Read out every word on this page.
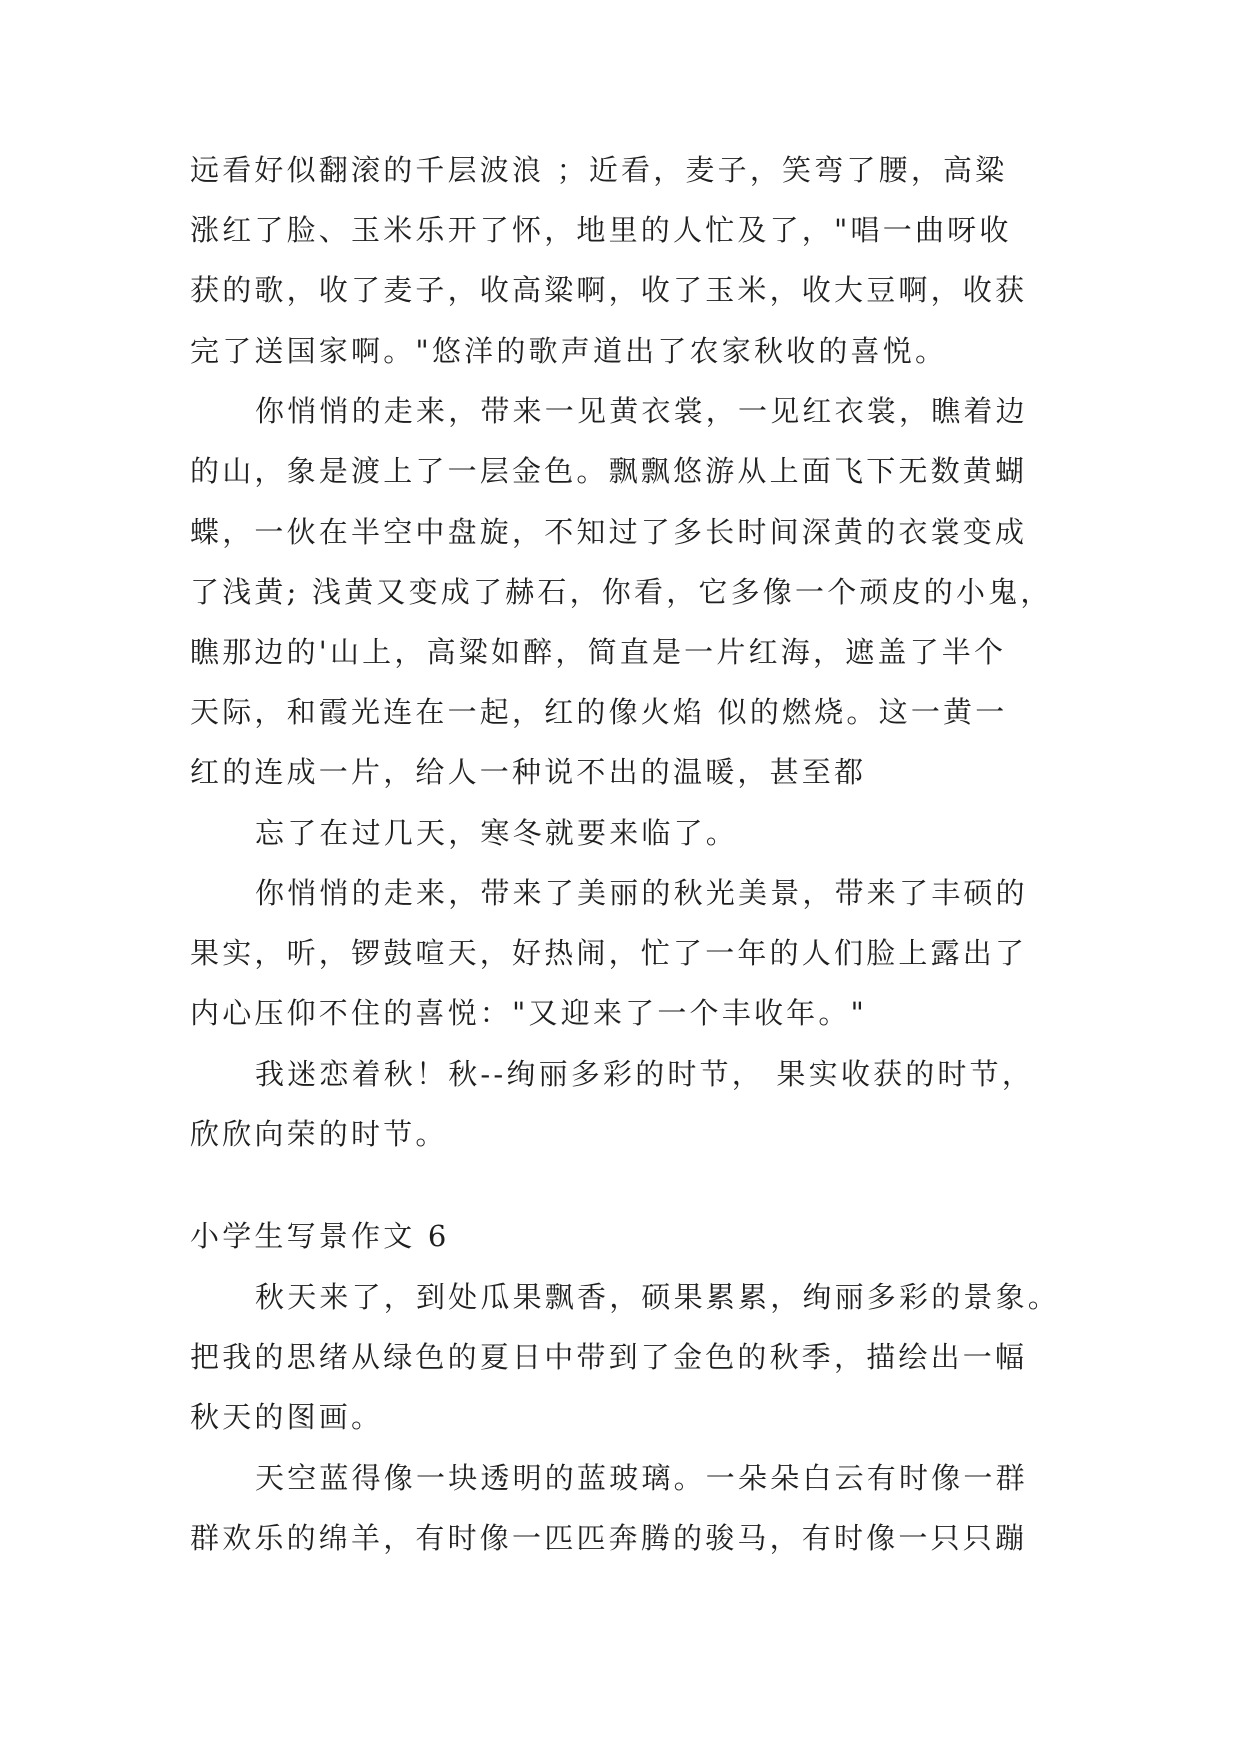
远看好似翻滚的千层波浪 ；近看，麦子，笑弯了腰，高粱
涨红了脸、玉米乐开了怀，地里的人忙及了，"唱一曲呀收
获的歌，收了麦子，收高粱啊，收了玉米，收大豆啊，收获
完了送国家啊。"悠洋的歌声道出了农家秋收的喜悦。
你悄悄的走来，带来一见黄衣裳，一见红衣裳，瞧着边
的山，象是渡上了一层金色。飘飘悠游从上面飞下无数黄蝴
蝶，一伙在半空中盘旋，不知过了多长时间深黄的衣裳变成
了浅黄; 浅黄又变成了赫石，你看，它多像一个顽皮的小鬼，
瞧那边的'山上，高粱如醉，简直是一片红海，遮盖了半个
天际，和霞光连在一起，红的像火焰 似的燃烧。这一黄一
红的连成一片，给人一种说不出的温暖，甚至都
忘了在过几天，寒冬就要来临了。
你悄悄的走来，带来了美丽的秋光美景，带来了丰硕的
果实，听，锣鼓喧天，好热闹，忙了一年的人们脸上露出了
内心压仰不住的喜悦："又迎来了一个丰收年。"
我迷恋着秋！秋--绚丽多彩的时节， 果实收获的时节，
欣欣向荣的时节。
小学生写景作文 6
秋天来了，到处瓜果飘香，硕果累累，绚丽多彩的景象。
把我的思绪从绿色的夏日中带到了金色的秋季，描绘出一幅
秋天的图画。
天空蓝得像一块透明的蓝玻璃。一朵朵白云有时像一群
群欢乐的绵羊，有时像一匹匹奔腾的骏马，有时像一只只蹦
